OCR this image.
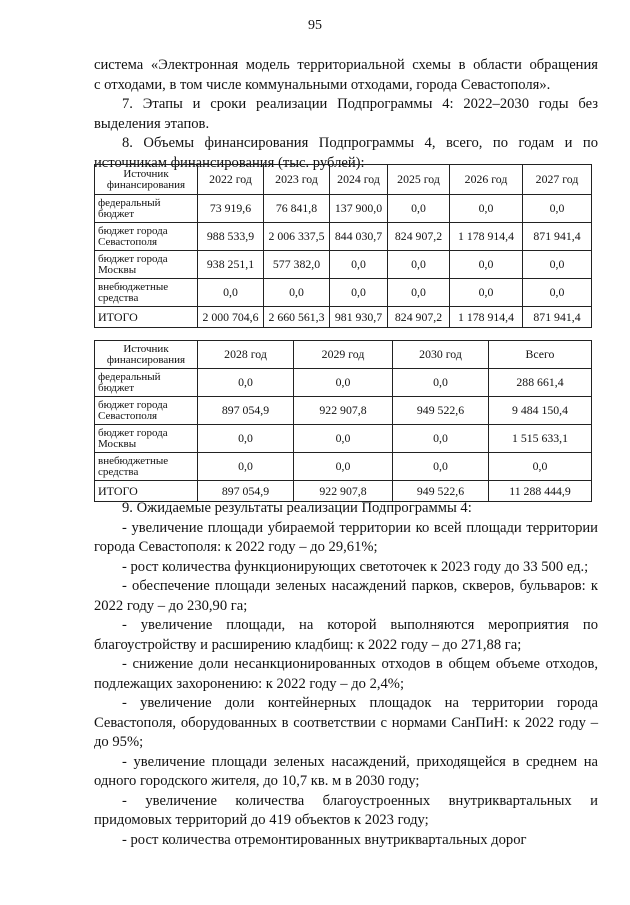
95

система «Электронная модель территориальной схемы в области обращения

с отходами, в том числе коммунальными отходами, города Севастополя».

7. Этапы и сроки реализации Подпрограммы 4: 2022–2030 годы без выделения этапов.

8. Объемы финансирования Подпрограммы 4, всего, по годам и по источникам финансирования (тыс. рублей):

Источник финансирования	2022 год	2023 год	2024 год	2025 год	2026 год	2027 год
федеральный бюджет	73 919,6	76 841,8	137 900,0	0,0	0,0	0,0
бюджет города Севастополя	988 533,9	2 006 337,5	844 030,7	824 907,2	1 178 914,4	871 941,4
бюджет города Москвы	938 251,1	577 382,0	0,0	0,0	0,0	0,0
внебюджетные средства	0,0	0,0	0,0	0,0	0,0	0,0
ИТОГО	2 000 704,6	2 660 561,3	981 930,7	824 907,2	1 178 914,4	871 941,4
Источник финансирования	2028 год	2029 год	2030 год	Всего
федеральный бюджет	0,0	0,0	0,0	288 661,4
бюджет города Севастополя	897 054,9	922 907,8	949 522,6	9 484 150,4
бюджет города Москвы	0,0	0,0	0,0	1 515 633,1
внебюджетные средства	0,0	0,0	0,0	0,0
ИТОГО	897 054,9	922 907,8	949 522,6	11 288 444,9

9. Ожидаемые результаты реализации Подпрограммы 4:

- увеличение площади убираемой территории ко всей площади территории города Севастополя: к 2022 году – до 29,61%;

- рост количества функционирующих светоточек к 2023 году до 33 500 ед.;

- обеспечение площади зеленых насаждений парков, скверов, бульваров: к 2022 году – до 230,90 га;

- увеличение площади, на которой выполняются мероприятия по благоустройству и расширению кладбищ: к 2022 году – до 271,88 га;

- снижение доли несанкционированных отходов в общем объеме отходов, подлежащих захоронению: к 2022 году – до 2,4%;

- увеличение доли контейнерных площадок на территории города Севастополя, оборудованных в соответствии с нормами СанПиН: к 2022 году – до 95%;

- увеличение площади зеленых насаждений, приходящейся в среднем на одного городского жителя, до 10,7 кв. м в 2030 году;

- увеличение количества благоустроенных внутриквартальных и придомовых территорий до 419 объектов к 2023 году;

- рост количества отремонтированных внутриквартальных дорог
